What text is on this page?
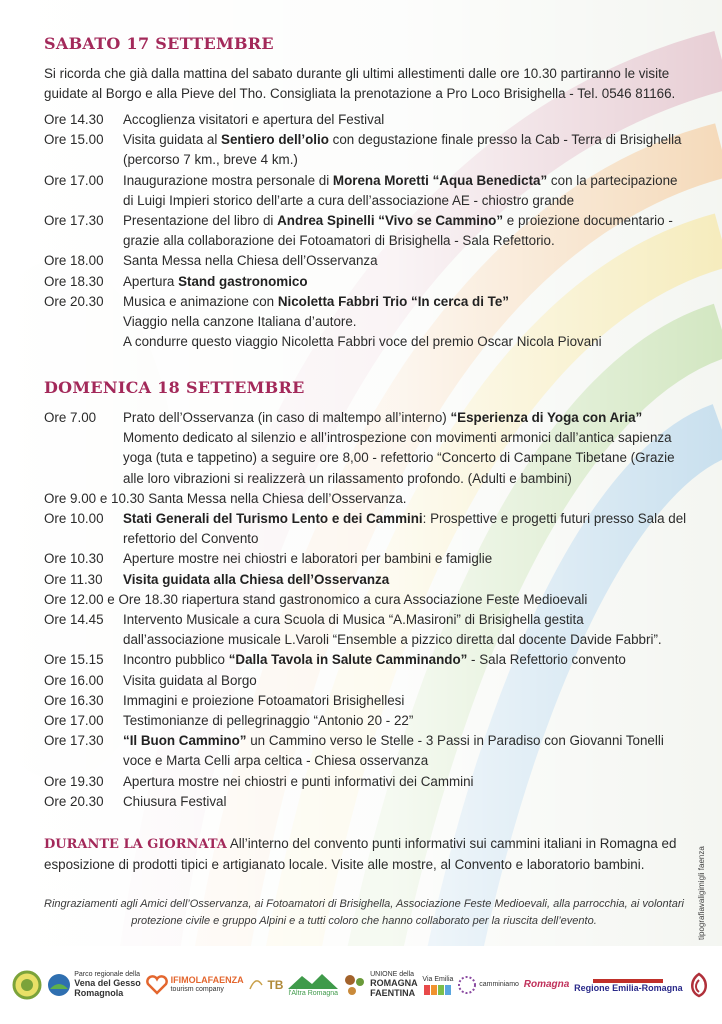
SABATO 17 SETTEMBRE

Si ricorda che già dalla mattina del sabato durante gli ultimi allestimenti dalle ore 10.30 partiranno le visite guidate al Borgo e alla Pieve del Tho. Consigliata la prenotazione a Pro Loco Brisighella - Tel. 0546 81166.

Ore 14.30	Accoglienza visitatori e apertura del Festival
Ore 15.00	Visita guidata al Sentiero dell’olio con degustazione finale presso la Cab - Terra di Brisighella (percorso 7 km., breve 4 km.)
Ore 17.00	Inaugurazione mostra personale di Morena Moretti “Aqua Benedicta” con la partecipazione di Luigi Impieri storico dell’arte a cura dell’associazione AE - chiostro grande
Ore 17.30	Presentazione del libro di Andrea Spinelli “Vivo se Cammino” e proiezione documentario - grazie alla collaborazione dei Fotoamatori di Brisighella - Sala Refettorio.
Ore 18.00	Santa Messa nella Chiesa dell’Osservanza
Ore 18.30	Apertura Stand gastronomico
Ore 20.30	Musica e animazione con Nicoletta Fabbri Trio “In cerca di Te”
Viaggio nella canzone Italiana d’autore.
A condurre questo viaggio Nicoletta Fabbri voce del premio Oscar Nicola Piovani
DOMENICA 18 SETTEMBRE
Ore 7.00	Prato dell’Osservanza (in caso di maltempo all’interno) “Esperienza di Yoga con Aria”
Momento dedicato al silenzio e all’introspezione con movimenti armonici dall’antica sapienza yoga (tuta e tappetino) a seguire ore 8,00 - refettorio “Concerto di Campane Tibetane (Grazie alle loro vibrazioni si realizzerà un rilassamento profondo. (Adulti e bambini)
Ore 9.00 e 10.30 Santa Messa nella Chiesa dell’Osservanza.
Ore 10.00	Stati Generali del Turismo Lento e dei Cammini: Prospettive e progetti futuri presso Sala del refettorio del Convento
Ore 10.30	Aperture mostre nei chiostri e laboratori per bambini e famiglie
Ore 11.30	Visita guidata alla Chiesa dell’Osservanza
Ore 12.00 e Ore 18.30 riapertura stand gastronomico a cura Associazione Feste Medioevali
Ore 14.45	Intervento Musicale a cura Scuola di Musica “A.Masironi” di Brisighella gestita dall’associazione musicale L.Varoli “Ensemble a pizzico diretta dal docente Davide Fabbri”.
Ore 15.15	Incontro pubblico “Dalla Tavola in Salute Camminando” - Sala Refettorio convento
Ore 16.00	Visita guidata al Borgo
Ore 16.30	Immagini e proiezione Fotoamatori Brisighellesi
Ore 17.00	Testimonianze di pellegrinaggio “Antonio 20 - 22”
Ore 17.30	“Il Buon Cammino” un Cammino verso le Stelle - 3 Passi in Paradiso con Giovanni Tonelli voce e Marta Celli arpa celtica - Chiesa osservanza
Ore 19.30	Apertura mostre nei chiostri e punti informativi dei Cammini
Ore 20.30	Chiusura Festival
DURANTE LA GIORNATA All’interno del convento punti informativi sui cammini italiani in Romagna ed esposizione di prodotti tipici e artigianato locale. Visite alle mostre, al Convento e laboratorio bambini.
Ringraziamenti agli Amici dell’Osservanza, ai Fotoamatori di Brisighella, Associazione Feste Medioevali, alla parrocchia, ai volontari protezione civile e gruppo Alpini e a tutti coloro che hanno collaborato per la riuscita dell’evento.	tipografiavaligimigli faenza
Parco regionale della
Vena del Gesso
Romagnola
IFIMOLAFAENZA
tourism company	TB
l'Altra Romagna
UNIONE della
ROMAGNA
FAENTINA
Via Emilia
camminiamo Romagna Regione Emilia-Romagna
